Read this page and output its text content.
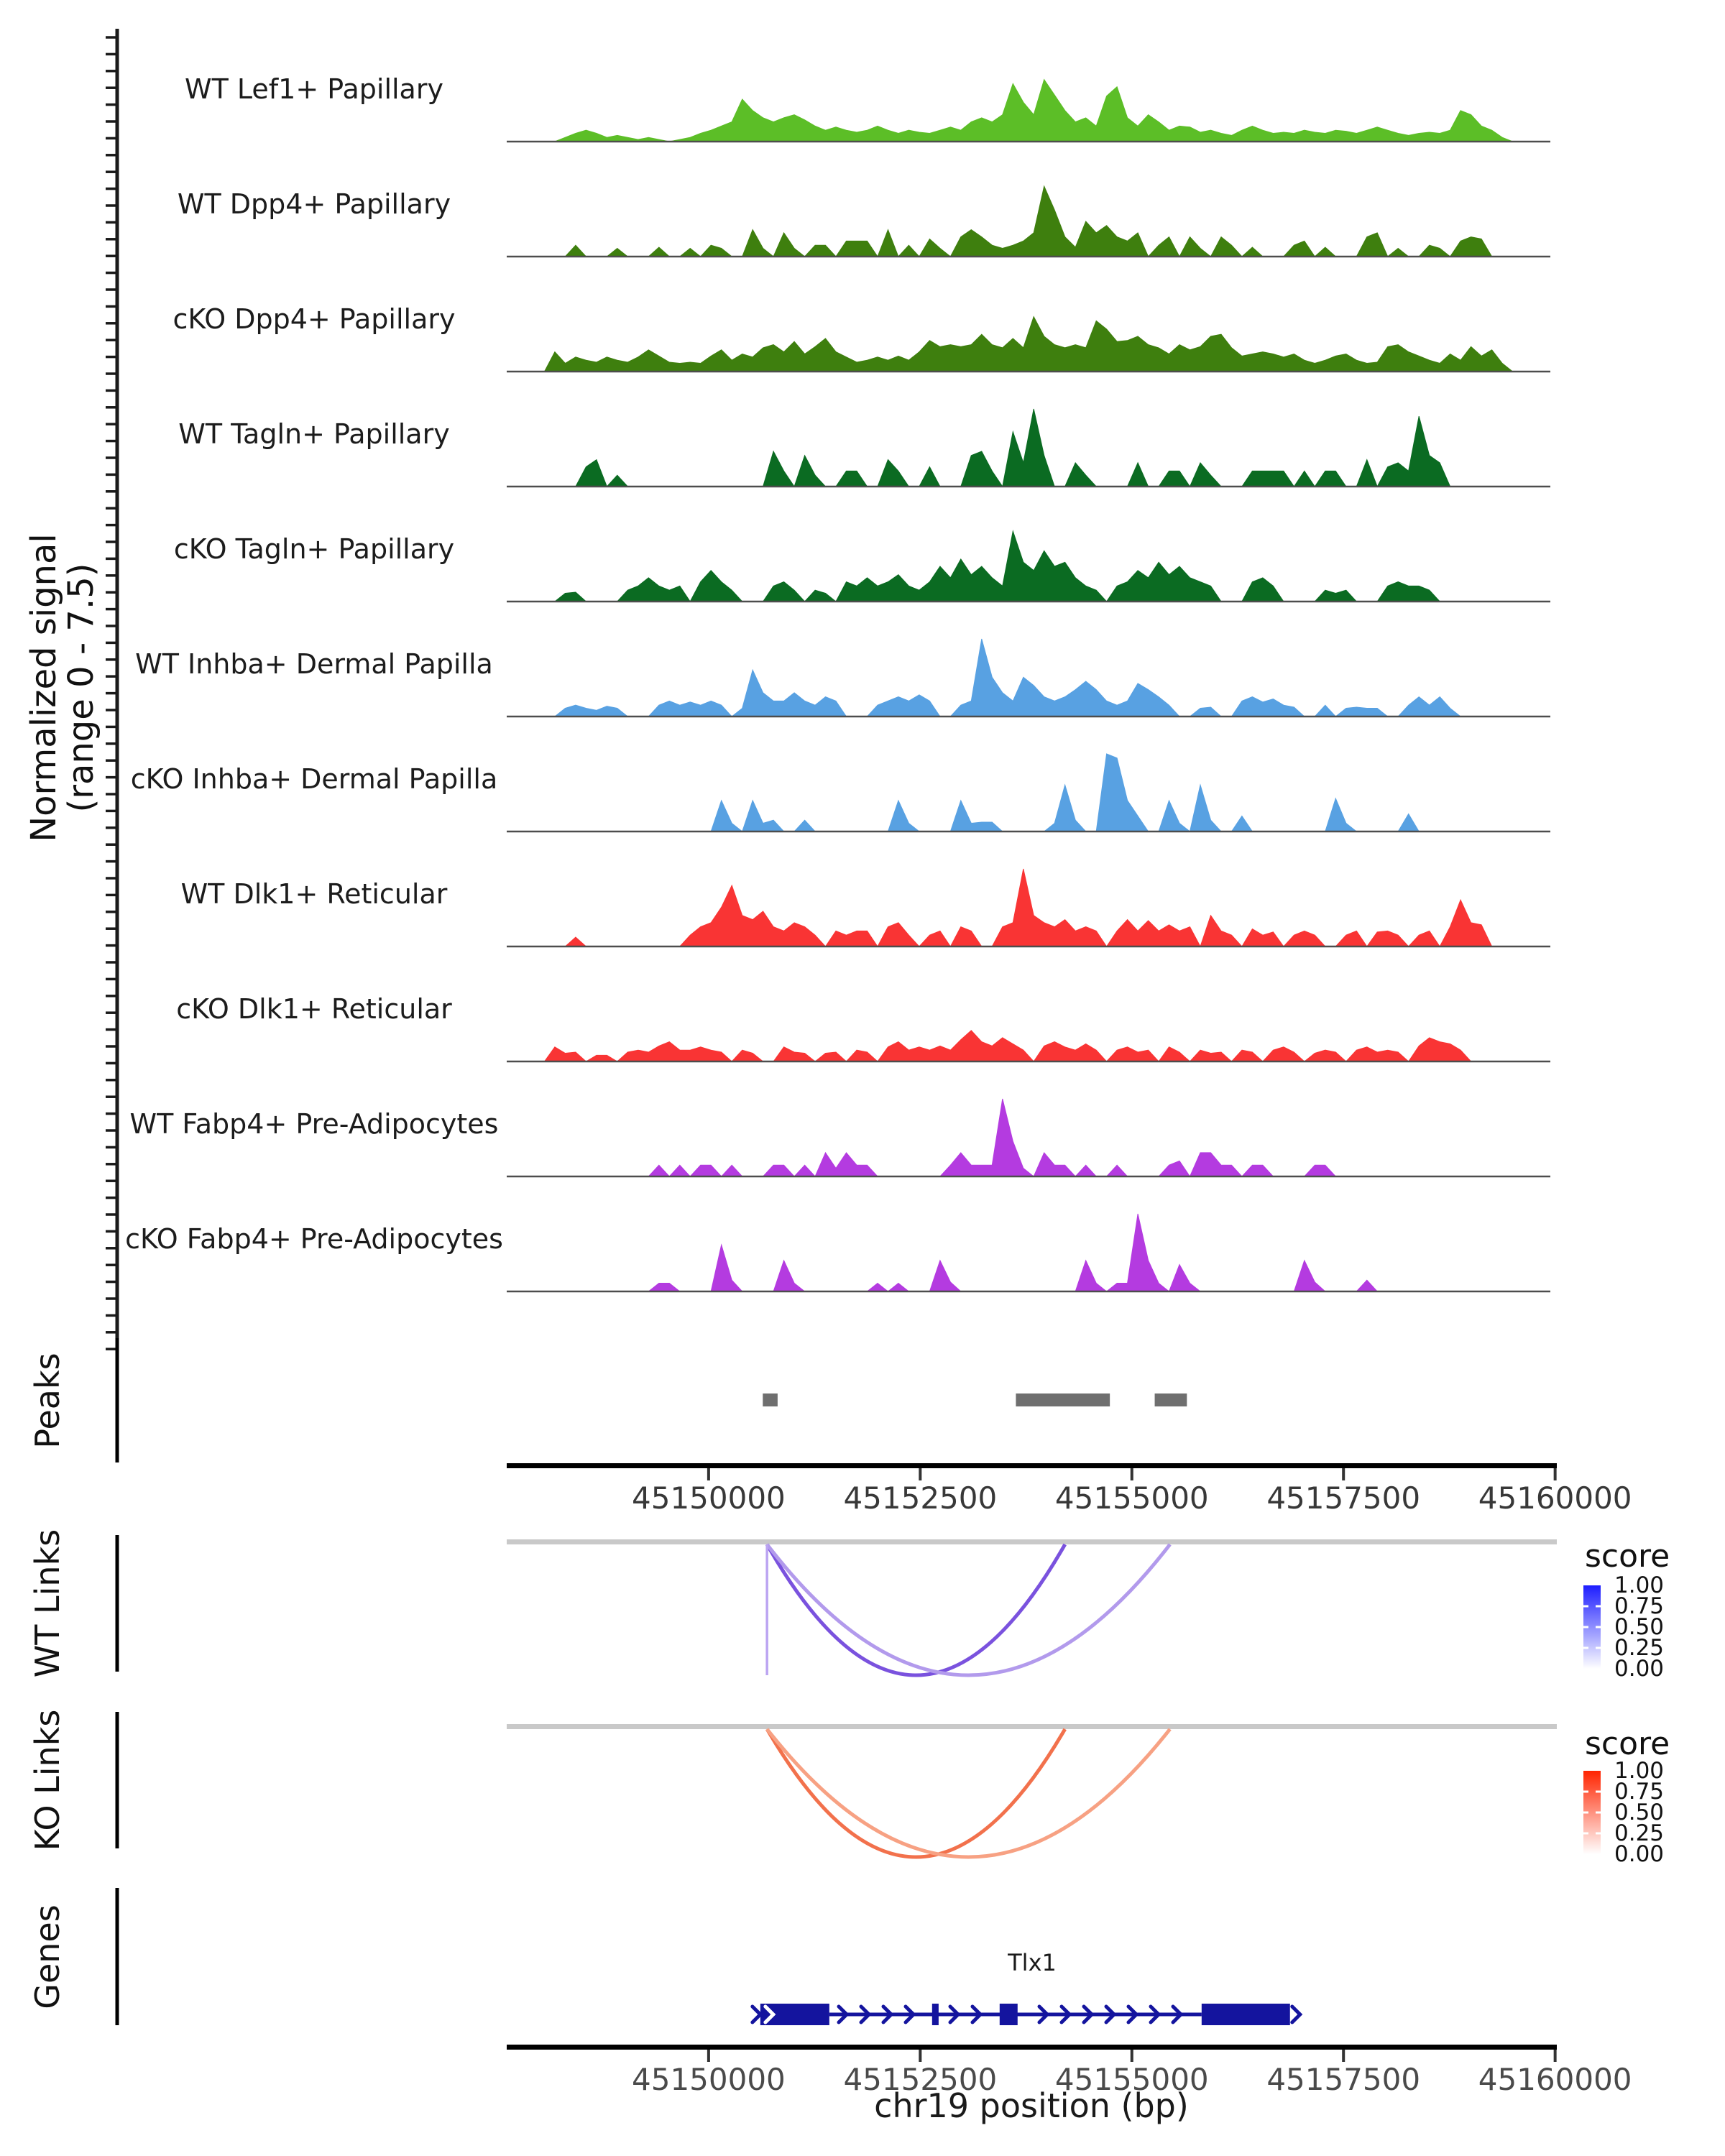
WT Lef1+ Papillary
WT Dpp4+ Papillary
cKO Dpp4+ Papillary
WT Tagln+ Papillary
cKO Tagln+ Papillary
WT Inhba+ Dermal Papilla
cKO Inhba+ Dermal Papilla
WT Dlk1+ Reticular
cKO Dlk1+ Reticular
WT Fabp4+ Pre-Adipocytes
cKO Fabp4+ Pre-Adipocytes
45150000 45152500 45155000 45157500 45160000
1.00
0.75
0.50
0.25
0.00
1.00
0.75
0.50
0.25
0.00
45150000 45152500 45155000 45157500 45160000
Normalized signal
(range 0 - 7.5)
Peaks
WT Links
KO Links
Genes
score
score
Tlx1
chr19 position (bp)
